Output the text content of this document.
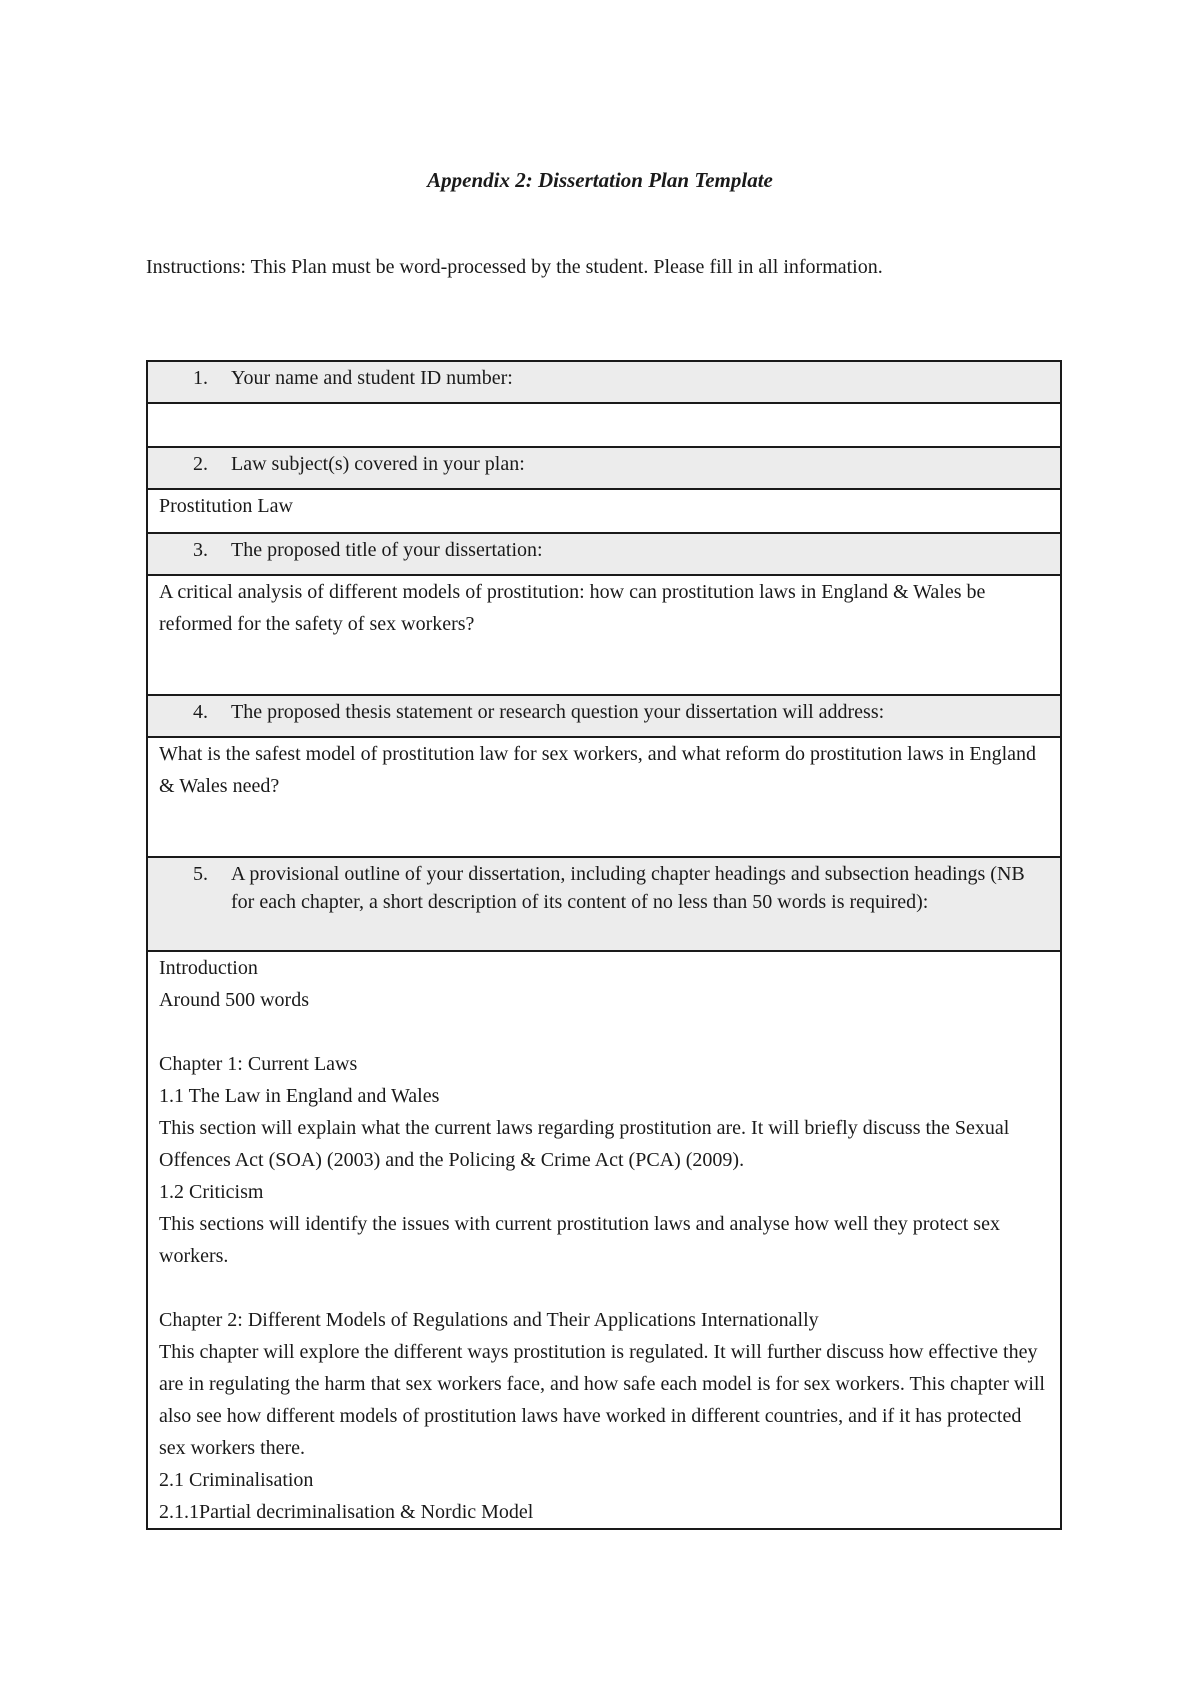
Appendix 2: Dissertation Plan Template
Instructions: This Plan must be word-processed by the student. Please fill in all information.
1. Your name and student ID number:

2. Law subject(s) covered in your plan:
Prostitution Law
3. The proposed title of your dissertation:
A critical analysis of different models of prostitution: how can prostitution laws in England & Wales be reformed for the safety of sex workers?
4. The proposed thesis statement or research question your dissertation will address:
What is the safest model of prostitution law for sex workers, and what reform do prostitution laws in England & Wales need?

5.	A provisional outline of your dissertation, including chapter headings and subsection headings (NB for each chapter, a short description of its content of no less than 50 words is required):

Introduction
Around 500 words
Chapter 1: Current Laws
1.1 The Law in England and Wales
This section will explain what the current laws regarding prostitution are. It will briefly discuss the Sexual Offences Act (SOA) (2003) and the Policing & Crime Act (PCA) (2009).
1.2 Criticism
This sections will identify the issues with current prostitution laws and analyse how well they protect sex workers.
Chapter 2: Different Models of Regulations and Their Applications Internationally
This chapter will explore the different ways prostitution is regulated. It will further discuss how effective they are in regulating the harm that sex workers face, and how safe each model is for sex workers. This chapter will also see how different models of prostitution laws have worked in different countries, and if it has protected sex workers there.
2.1 Criminalisation
2.1.1Partial decriminalisation & Nordic Model
